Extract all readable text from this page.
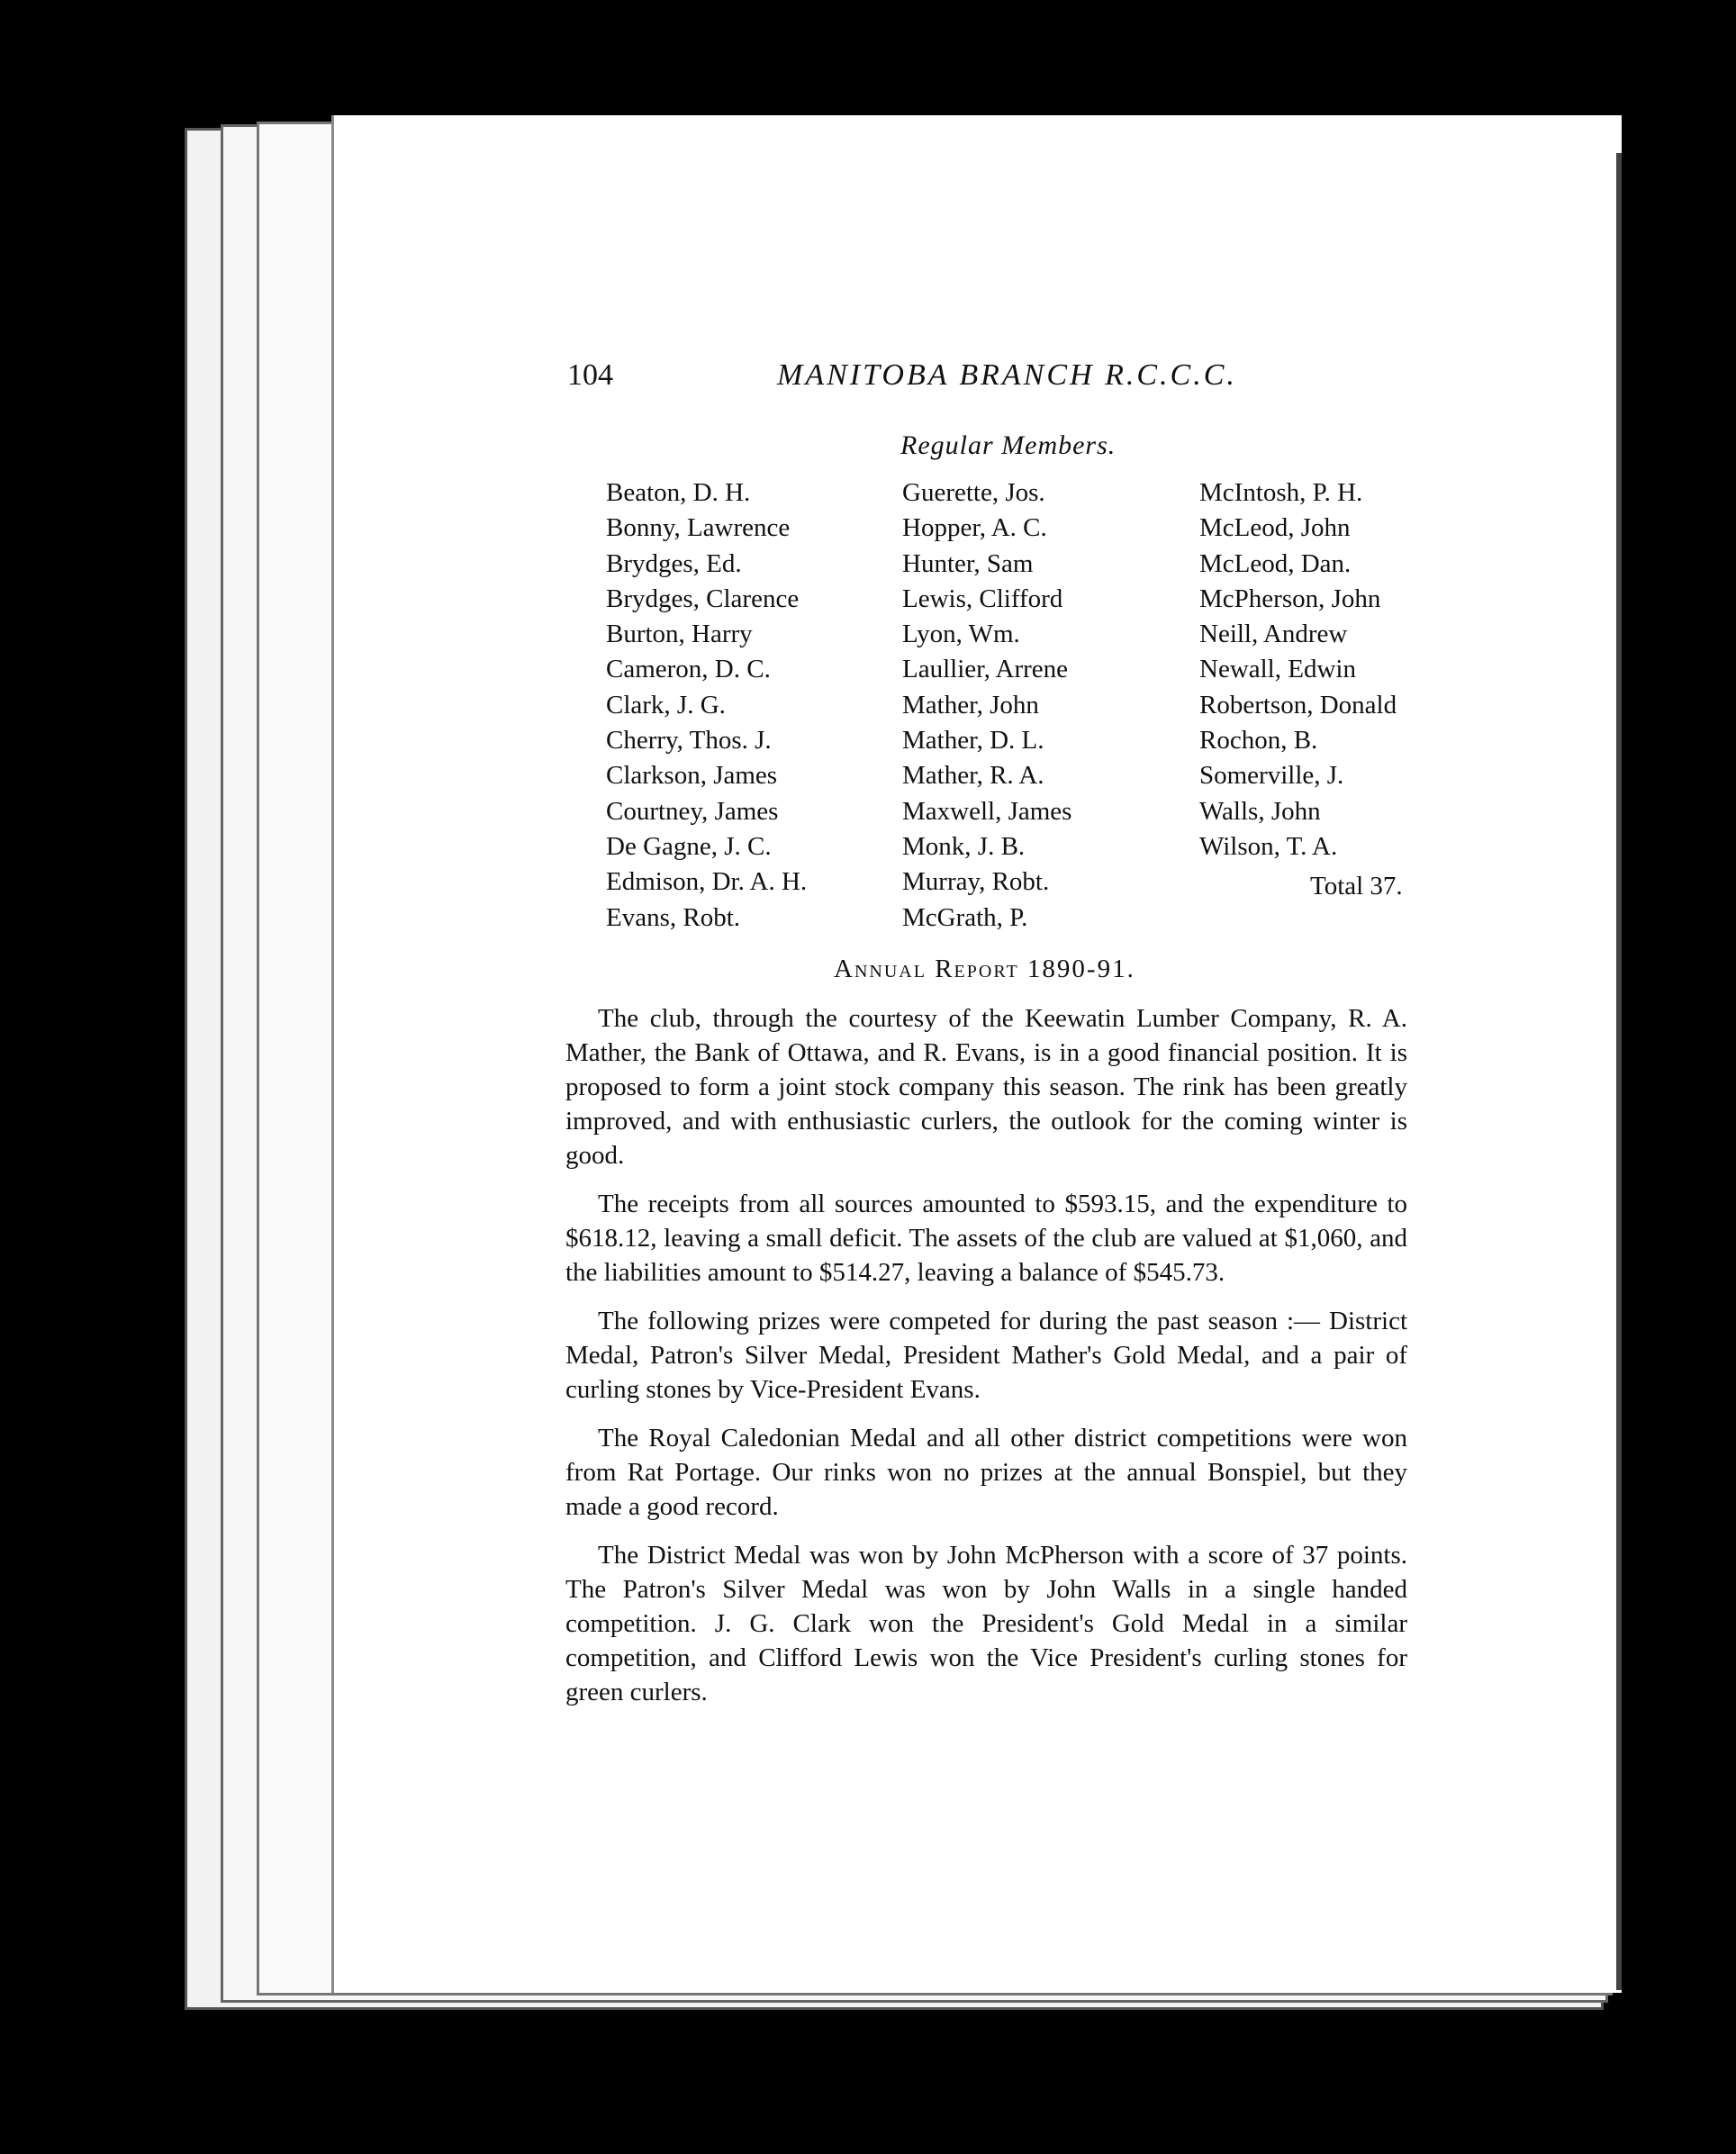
104	MANITOBA BRANCH R.C.C.C.
Regular Members.
Beaton, D. H.
Bonny, Lawrence
Brydges, Ed.
Brydges, Clarence
Burton, Harry
Cameron, D. C.
Clark, J. G.
Cherry, Thos. J.
Clarkson, James
Courtney, James
De Gagne, J. C.
Edmison, Dr. A. H.
Evans, Robt.
Guerette, Jos.
Hopper, A. C.
Hunter, Sam
Lewis, Clifford
Lyon, Wm.
Laullier, Arrene
Mather, John
Mather, D. L.
Mather, R. A.
Maxwell, James
Monk, J. B.
Murray, Robt.
McGrath, P.
McIntosh, P. H.
McLeod, John
McLeod, Dan.
McPherson, John
Neill, Andrew
Newall, Edwin
Robertson, Donald
Rochon, B.
Somerville, J.
Walls, John
Wilson, T. A.
Total 37.
Annual Report 1890-91.

The club, through the courtesy of the Keewatin Lumber Company, R. A. Mather, the Bank of Ottawa, and R. Evans, is in a good financial position. It is proposed to form a joint stock company this season. The rink has been greatly improved, and with enthusiastic curlers, the outlook for the coming winter is good.

The receipts from all sources amounted to $593.15, and the expenditure to $618.12, leaving a small deficit. The assets of the club are valued at $1,060, and the liabilities amount to $514.27, leaving a balance of $545.73.

The following prizes were competed for during the past season :— District Medal, Patron's Silver Medal, President Mather's Gold Medal, and a pair of curling stones by Vice-President Evans.

The Royal Caledonian Medal and all other district competitions were won from Rat Portage. Our rinks won no prizes at the annual Bonspiel, but they made a good record.

The District Medal was won by John McPherson with a score of 37 points. The Patron's Silver Medal was won by John Walls in a single handed competition. J. G. Clark won the President's Gold Medal in a similar competition, and Clifford Lewis won the Vice President's curling stones for green curlers.
